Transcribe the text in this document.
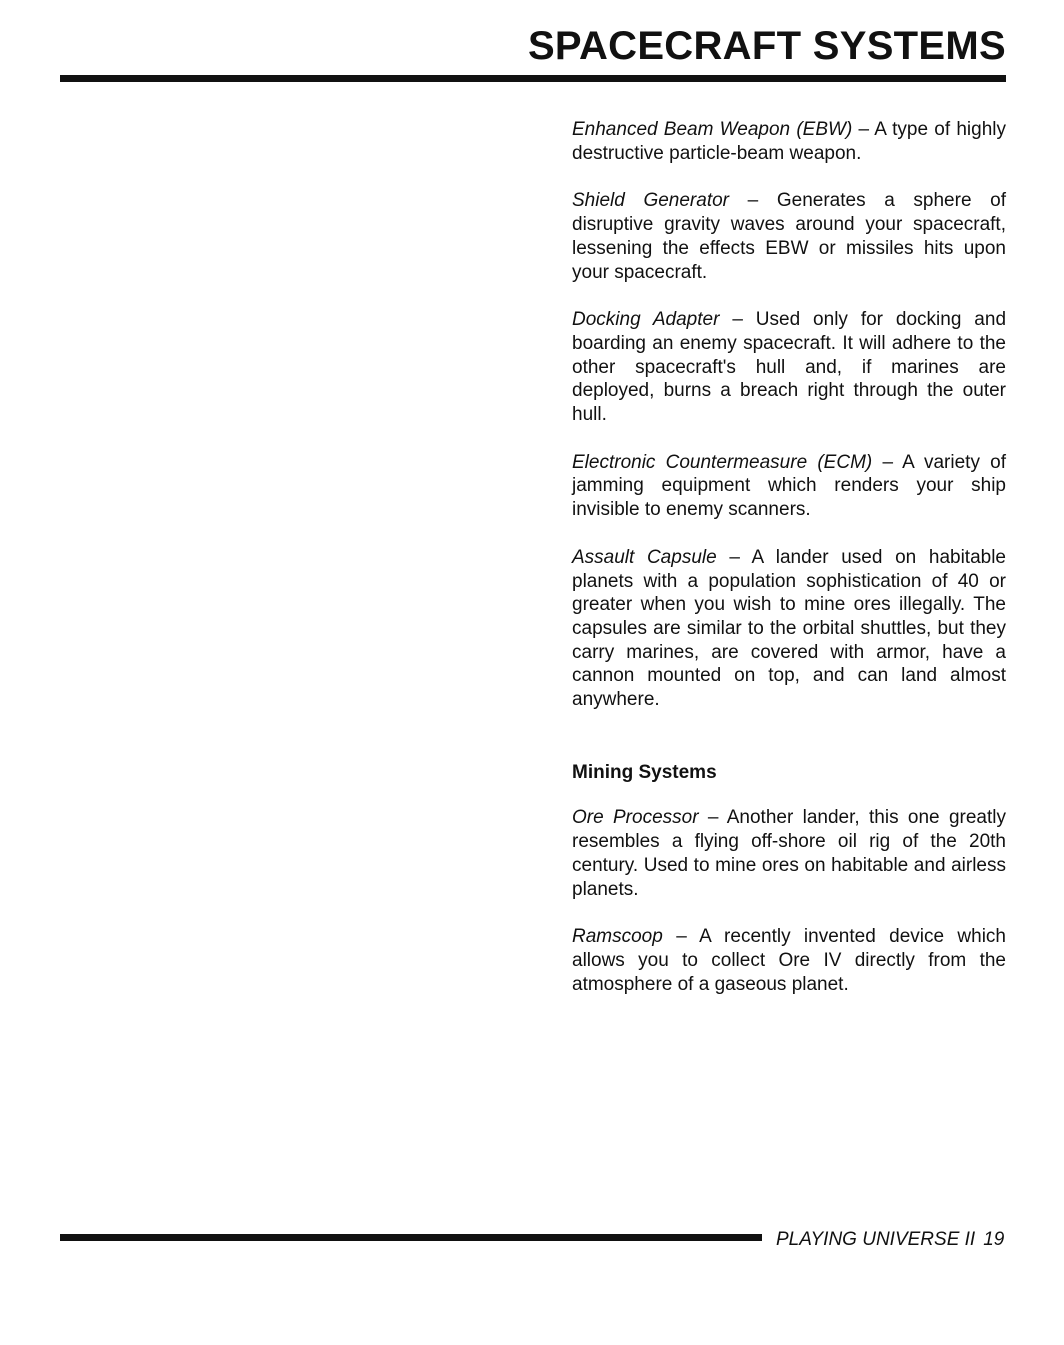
SPACECRAFT SYSTEMS

Enhanced Beam Weapon (EBW) – A type of highly destructive particle-beam weapon.

Shield Generator – Generates a sphere of disruptive gravity waves around your spacecraft, lessening the effects EBW or missiles hits upon your spacecraft.

Docking Adapter – Used only for docking and boarding an enemy spacecraft. It will adhere to the other spacecraft's hull and, if marines are deployed, burns a breach right through the outer hull.

Electronic Countermeasure (ECM) – A variety of jamming equipment which renders your ship invisible to enemy scanners.

Assault Capsule – A lander used on habitable planets with a population sophistication of 40 or greater when you wish to mine ores illegally. The capsules are similar to the orbital shuttles, but they carry marines, are covered with armor, have a cannon mounted on top, and can land almost anywhere.

Mining Systems

Ore Processor – Another lander, this one greatly resembles a flying off-shore oil rig of the 20th century. Used to mine ores on habitable and airless planets.

Ramscoop – A recently invented device which allows you to collect Ore IV directly from the atmosphere of a gaseous planet.

PLAYING UNIVERSE II 19
